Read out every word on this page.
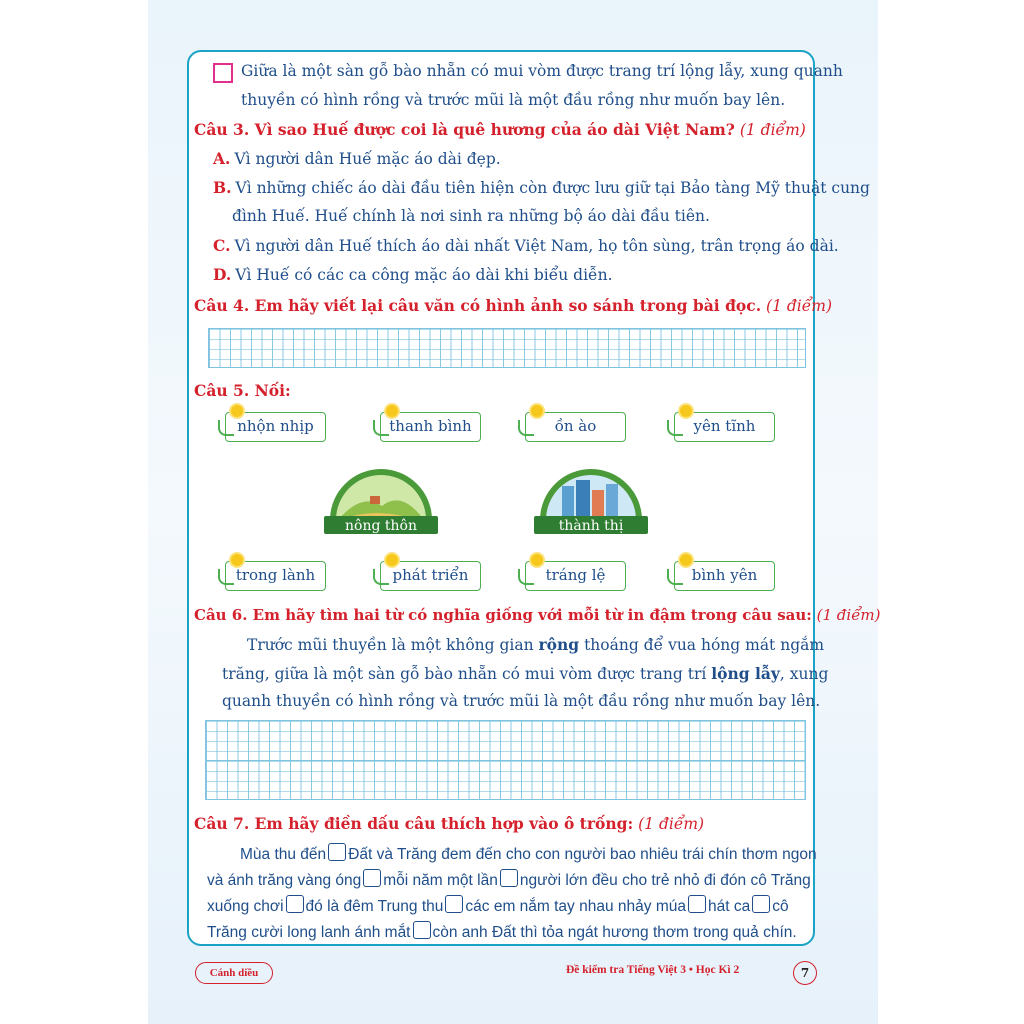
Giữa là một sàn gỗ bào nhẵn có mui vòm được trang trí lộng lẫy, xung quanh
thuyền có hình rồng và trước mũi là một đầu rồng như muốn bay lên.
Câu 3. Vì sao Huế được coi là quê hương của áo dài Việt Nam? (1 điểm)
A. Vì người dân Huế mặc áo dài đẹp.
B. Vì những chiếc áo dài đầu tiên hiện còn được lưu giữ tại Bảo tàng Mỹ thuật cung
đình Huế. Huế chính là nơi sinh ra những bộ áo dài đầu tiên.
C. Vì người dân Huế thích áo dài nhất Việt Nam, họ tôn sùng, trân trọng áo dài.
D. Vì Huế có các ca công mặc áo dài khi biểu diễn.
Câu 4. Em hãy viết lại câu văn có hình ảnh so sánh trong bài đọc. (1 điểm)
Câu 5. Nối:
nhộn nhịp	thanh bình	ồn ào	yên tĩnh
nông thôn	thành thị
trong lành	phát triển	tráng lệ	bình yên
Câu 6. Em hãy tìm hai từ có nghĩa giống với mỗi từ in đậm trong câu sau: (1 điểm)
Trước mũi thuyền là một không gian rộng thoáng để vua hóng mát ngắm
trăng, giữa là một sàn gỗ bào nhẵn có mui vòm được trang trí lộng lẫy, xung
quanh thuyền có hình rồng và trước mũi là một đầu rồng như muốn bay lên.
Câu 7. Em hãy điền dấu câu thích hợp vào ô trống: (1 điểm)
Mùa thu đến Đất và Trăng đem đến cho con người bao nhiêu trái chín thơm ngon
và ánh trăng vàng óng mỗi năm một lần người lớn đều cho trẻ nhỏ đi đón cô Trăng
xuống chơi đó là đêm Trung thu các em nắm tay nhau nhảy múa hát ca cô
Trăng cười long lanh ánh mắt còn anh Đất thì tỏa ngát hương thơm trong quả chín.
Cánh diều	Đề kiểm tra Tiếng Việt 3 • Học Kì 2	7
